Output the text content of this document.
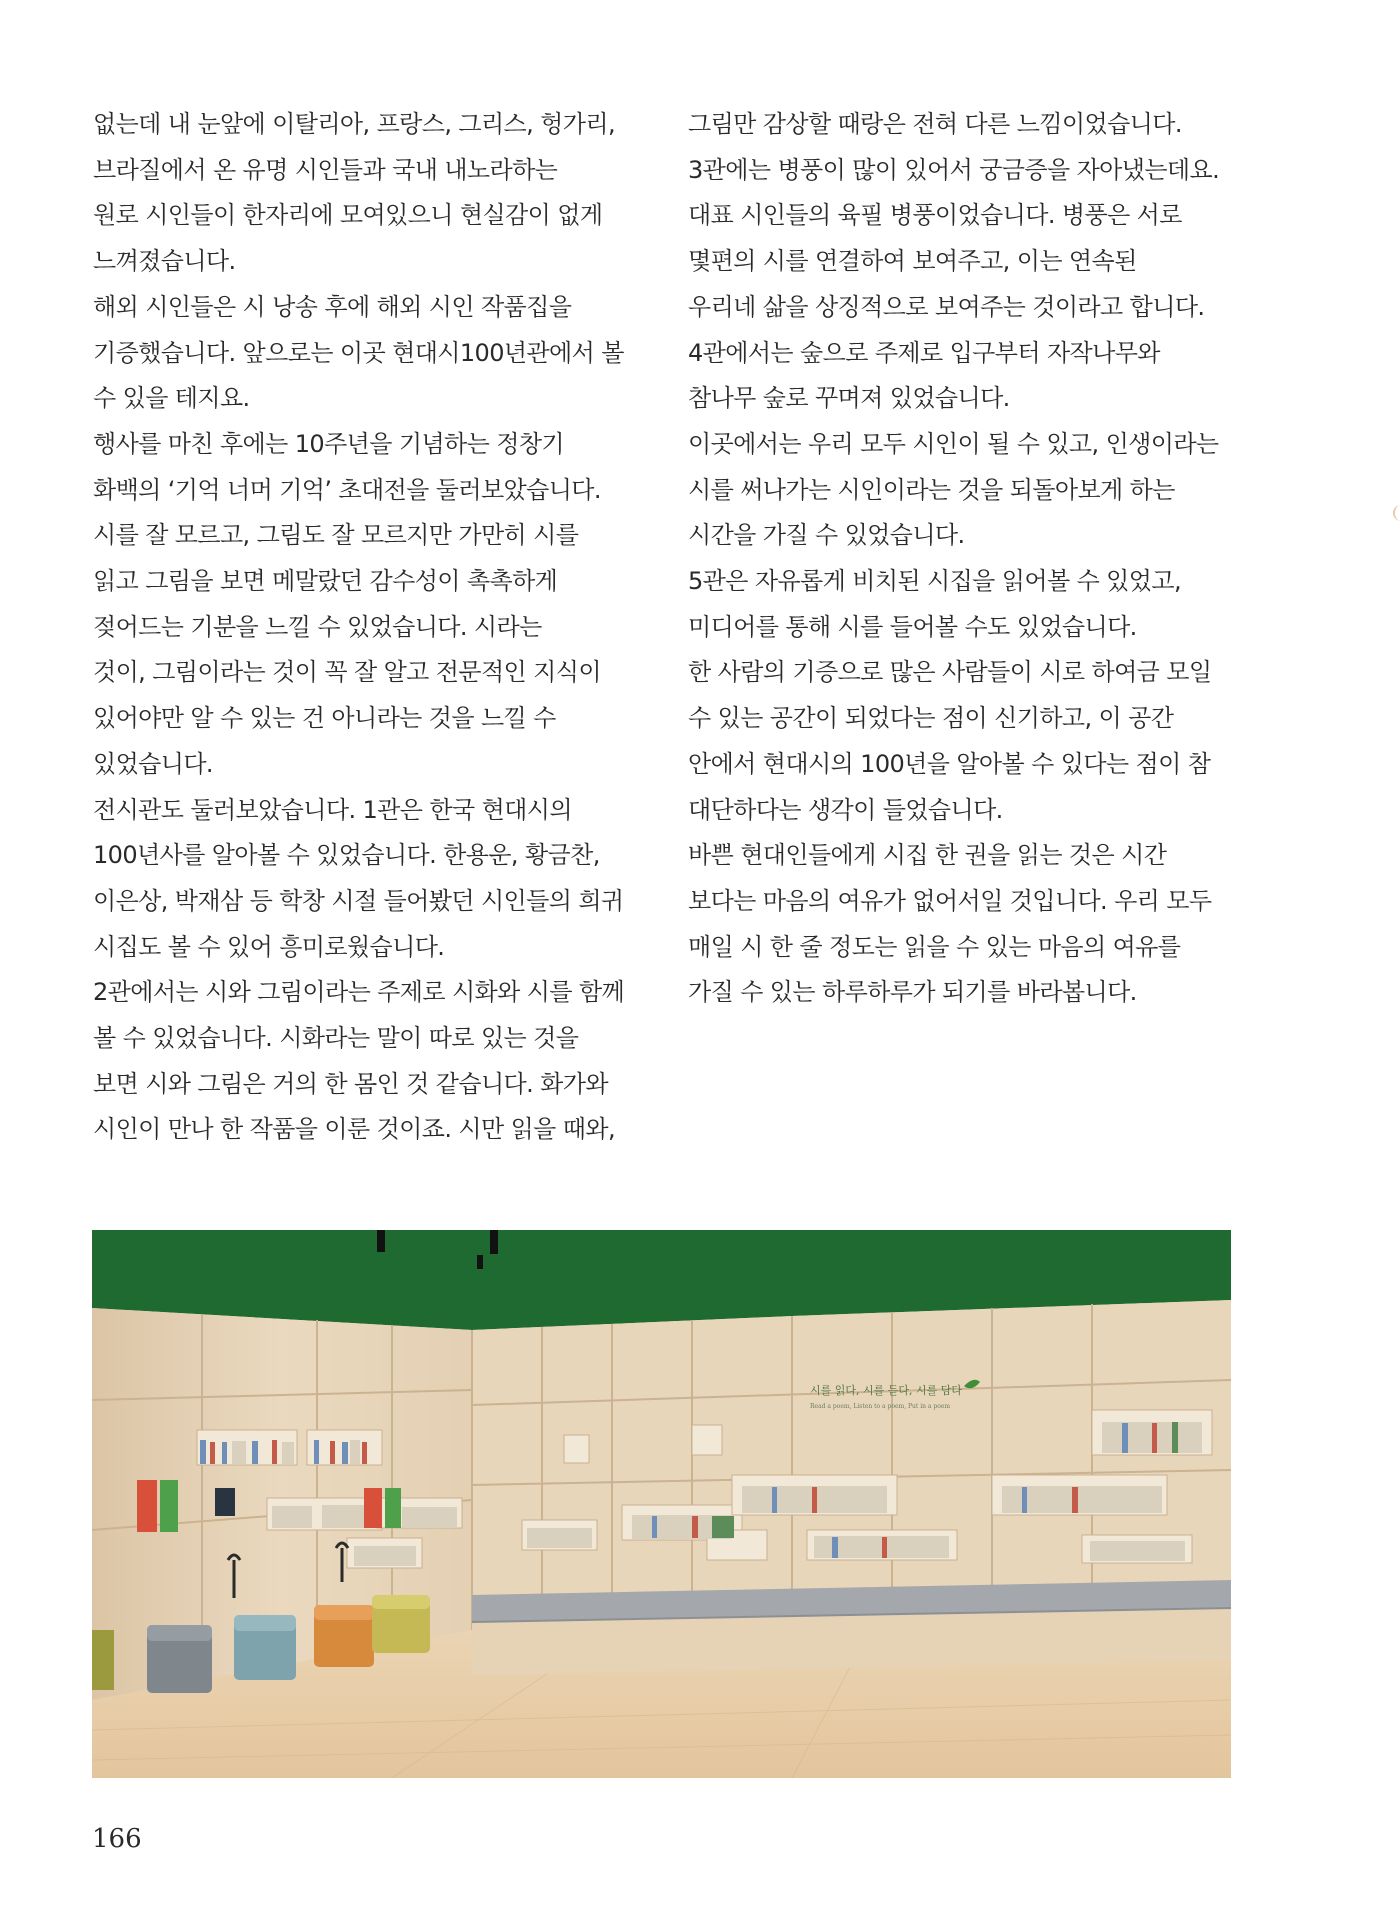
없는데 내 눈앞에 이탈리아, 프랑스, 그리스, 헝가리,
브라질에서 온 유명 시인들과 국내 내노라하는
원로 시인들이 한자리에 모여있으니 현실감이 없게
느껴졌습니다.
해외 시인들은 시 낭송 후에 해외 시인 작품집을
기증했습니다. 앞으로는 이곳 현대시100년관에서 볼
수 있을 테지요.
행사를 마친 후에는 10주년을 기념하는 정창기
화백의 ‘기억 너머 기억’ 초대전을 둘러보았습니다.
시를 잘 모르고, 그림도 잘 모르지만 가만히 시를
읽고 그림을 보면 메말랐던 감수성이 촉촉하게
젖어드는 기분을 느낄 수 있었습니다. 시라는
것이, 그림이라는 것이 꼭 잘 알고 전문적인 지식이
있어야만 알 수 있는 건 아니라는 것을 느낄 수
있었습니다.
전시관도 둘러보았습니다. 1관은 한국 현대시의
100년사를 알아볼 수 있었습니다. 한용운, 황금찬,
이은상, 박재삼 등 학창 시절 들어봤던 시인들의 희귀
시집도 볼 수 있어 흥미로웠습니다.
2관에서는 시와 그림이라는 주제로 시화와 시를 함께
볼 수 있었습니다. 시화라는 말이 따로 있는 것을
보면 시와 그림은 거의 한 몸인 것 같습니다. 화가와
시인이 만나 한 작품을 이룬 것이죠. 시만 읽을 때와,
그림만 감상할 때랑은 전혀 다른 느낌이었습니다.
3관에는 병풍이 많이 있어서 궁금증을 자아냈는데요.
대표 시인들의 육필 병풍이었습니다. 병풍은 서로
몇편의 시를 연결하여 보여주고, 이는 연속된
우리네 삶을 상징적으로 보여주는 것이라고 합니다.
4관에서는 숲으로 주제로 입구부터 자작나무와
참나무 숲로 꾸며져 있었습니다.
이곳에서는 우리 모두 시인이 될 수 있고, 인생이라는
시를 써나가는 시인이라는 것을 되돌아보게 하는
시간을 가질 수 있었습니다.
5관은 자유롭게 비치된 시집을 읽어볼 수 있었고,
미디어를 통해 시를 들어볼 수도 있었습니다.
한 사람의 기증으로 많은 사람들이 시로 하여금 모일
수 있는 공간이 되었다는 점이 신기하고, 이 공간
안에서 현대시의 100년을 알아볼 수 있다는 점이 참
대단하다는 생각이 들었습니다.
바쁜 현대인들에게 시집 한 권을 읽는 것은 시간
보다는 마음의 여유가 없어서일 것입니다. 우리 모두
매일 시 한 줄 정도는 읽을 수 있는 마음의 여유를
가질 수 있는 하루하루가 되기를 바라봅니다.
시를 읽다, 시를 듣다, 시를 담다
Read a poem, Listen to a poem, Put in a poem
166
